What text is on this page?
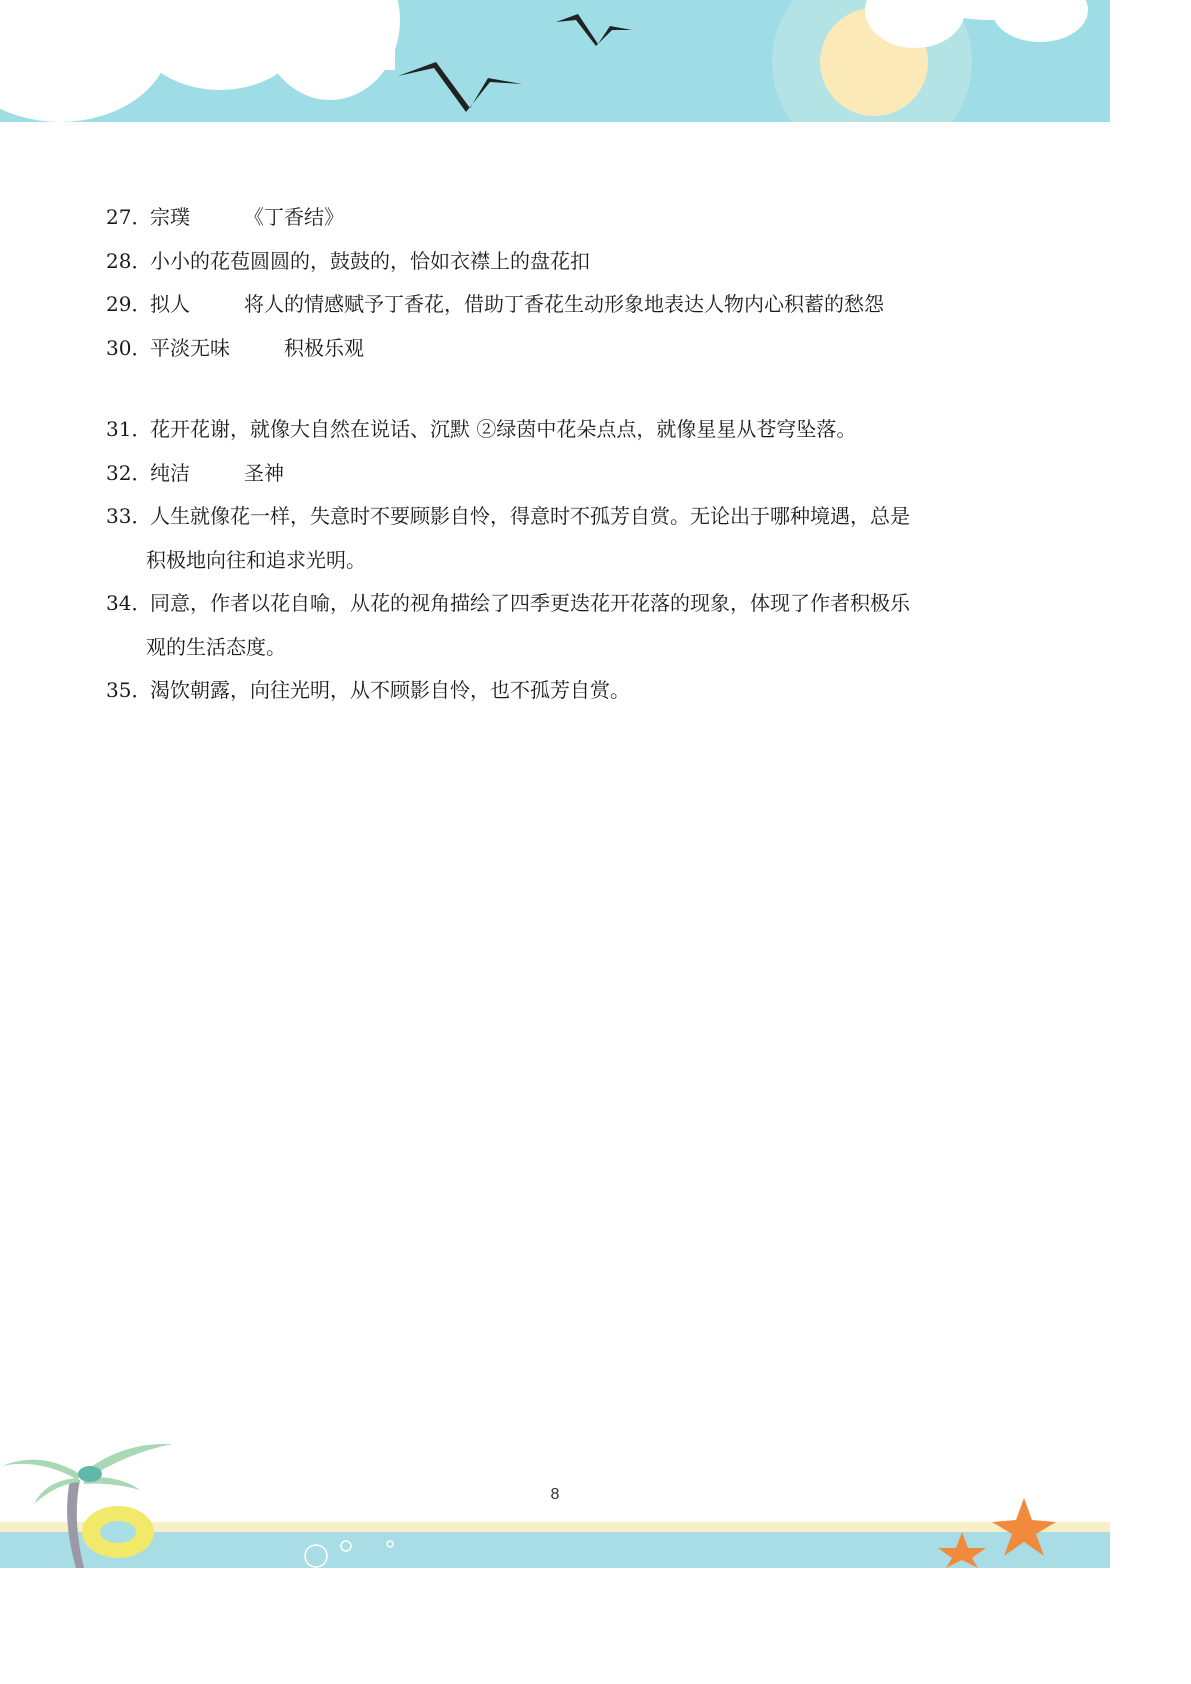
27．
宗璞	《丁香结》
28．
小小的花苞圆圆的，鼓鼓的，恰如衣襟上的盘花扣
29．
拟人	将人的情感赋予丁香花，借助丁香花生动形象地表达人物内心积蓄的愁怨
30．
平淡无味	积极乐观
31．
花开花谢，就像大自然在说话、沉默 ②绿茵中花朵点点，就像星星从苍穹坠落。
32．
纯洁	圣神
33．
人生就像花一样，失意时不要顾影自怜，得意时不孤芳自赏。无论出于哪种境遇，总是
积极地向往和追求光明。
34．
同意，作者以花自喻，从花的视角描绘了四季更迭花开花落的现象，体现了作者积极乐
观的生活态度。
35．
渴饮朝露，向往光明，从不顾影自怜，也不孤芳自赏。
8
